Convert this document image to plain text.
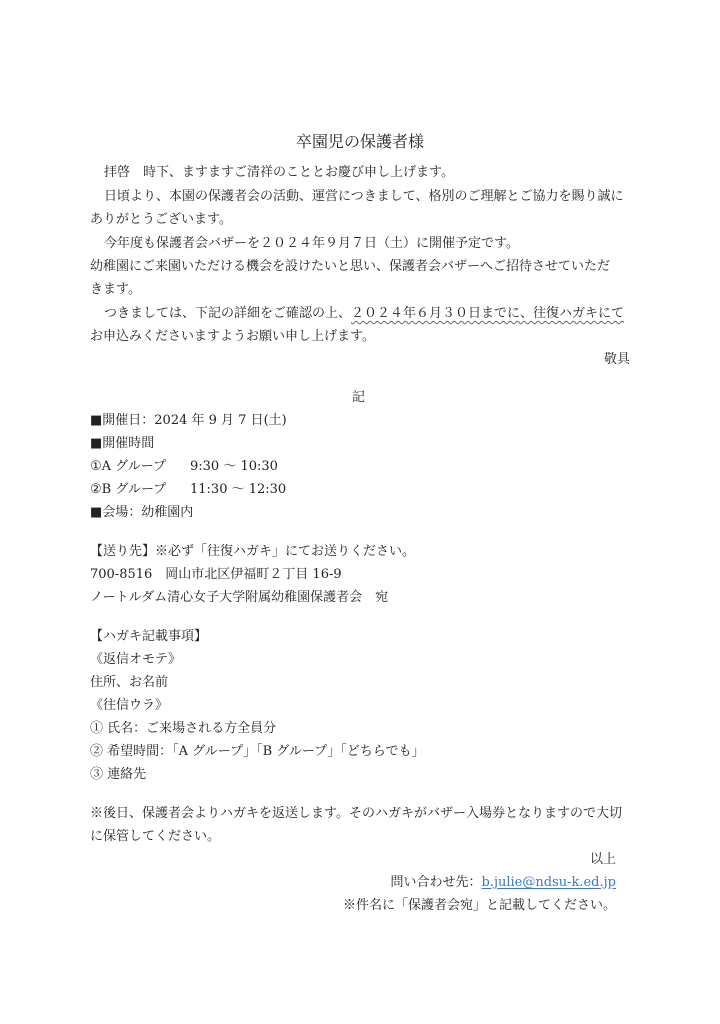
卒園児の保護者様
拝啓　時下、ますますご清祥のこととお慶び申し上げます。
日頃より、本園の保護者会の活動、運営につきまして、格別のご理解とご協力を賜り誠に
ありがとうございます。
今年度も保護者会バザーを２０２４年９月７日（土）に開催予定です。
幼稚園にご来園いただける機会を設けたいと思い、保護者会バザーへご招待させていただ
きます。
つきましては、下記の詳細をご確認の上、２０２４年６月３０日までに、往復ハガキにて
お申込みくださいますようお願い申し上げます。
敬具
記
■開催日：2024 年 9 月 7 日(土)
■開催時間
①A グループ 9:30 ～ 10:30
②B グループ 11:30 ～ 12:30
■会場：幼稚園内
【送り先】※必ず「往復ハガキ」にてお送りください。
700-8516　岡山市北区伊福町２丁目 16-9
ノートルダム清心女子大学附属幼稚園保護者会　宛
【ハガキ記載事項】
《返信オモテ》
住所、お名前
《往信ウラ》
① 氏名：ご来場される方全員分
② 希望時間：「A グループ」「B グループ」「どちらでも」
③ 連絡先
※後日、保護者会よりハガキを返送します。そのハガキがバザー入場券となりますので大切
に保管してください。
以上
問い合わせ先：b.julie@ndsu-k.ed.jp
※件名に「保護者会宛」と記載してください。
